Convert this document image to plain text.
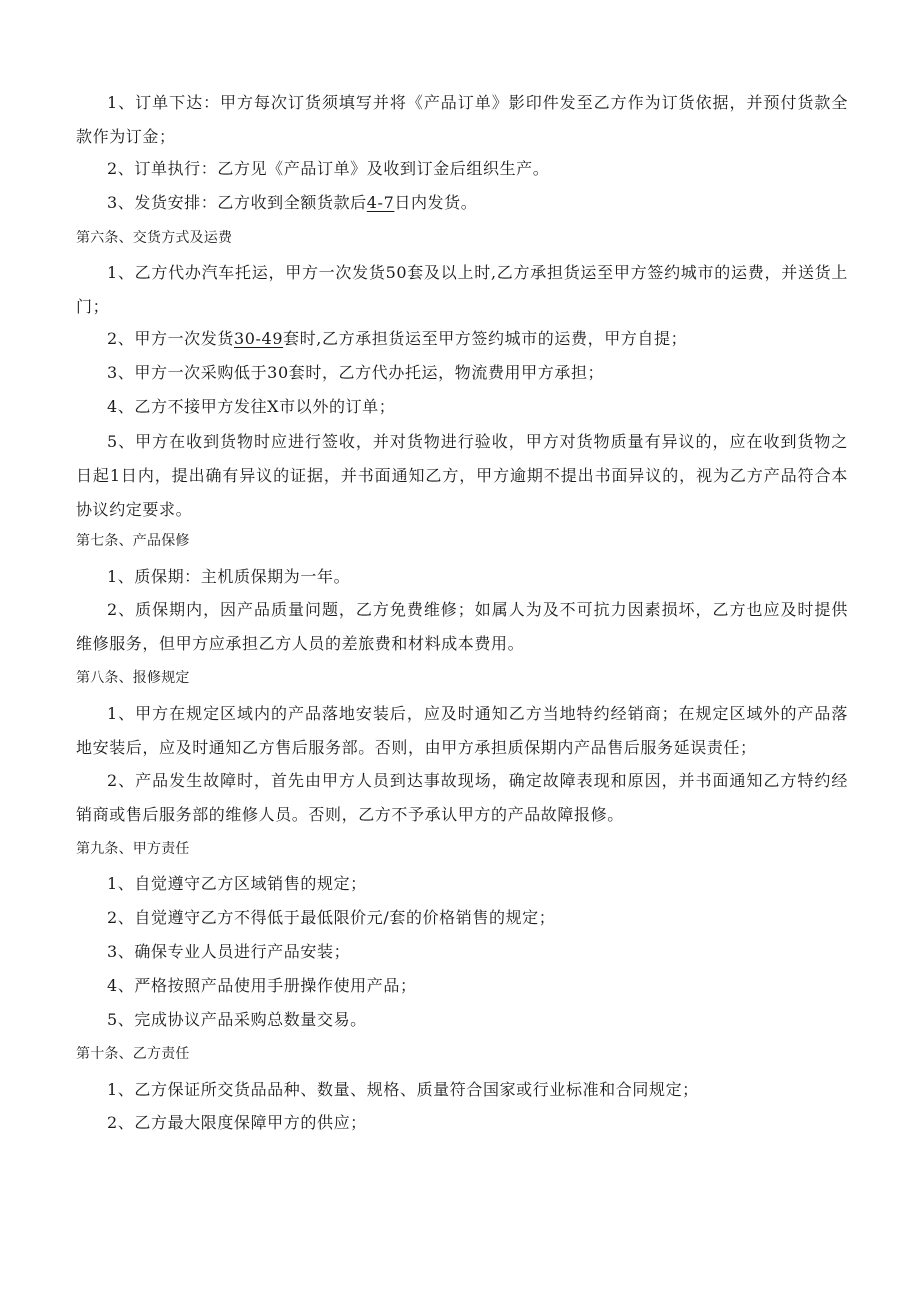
1、订单下达：甲方每次订货须填写并将《产品订单》影印件发至乙方作为订货依据，并预付货款全款作为订金；

2、订单执行：乙方见《产品订单》及收到订金后组织生产。

3、发货安排：乙方收到全额货款后4-7日内发货。

第六条、交货方式及运费

1、乙方代办汽车托运，甲方一次发货50套及以上时,乙方承担货运至甲方签约城市的运费，并送货上门；

2、甲方一次发货30-49套时,乙方承担货运至甲方签约城市的运费，甲方自提；

3、甲方一次采购低于30套时，乙方代办托运，物流费用甲方承担；

4、乙方不接甲方发往X市以外的订单；

5、甲方在收到货物时应进行签收，并对货物进行验收，甲方对货物质量有异议的，应在收到货物之日起1日内，提出确有异议的证据，并书面通知乙方，甲方逾期不提出书面异议的，视为乙方产品符合本协议约定要求。

第七条、产品保修

1、质保期：主机质保期为一年。

2、质保期内，因产品质量问题，乙方免费维修；如属人为及不可抗力因素损坏，乙方也应及时提供维修服务，但甲方应承担乙方人员的差旅费和材料成本费用。

第八条、报修规定

1、甲方在规定区域内的产品落地安装后，应及时通知乙方当地特约经销商；在规定区域外的产品落地安装后，应及时通知乙方售后服务部。否则，由甲方承担质保期内产品售后服务延误责任；

2、产品发生故障时，首先由甲方人员到达事故现场，确定故障表现和原因，并书面通知乙方特约经销商或售后服务部的维修人员。否则，乙方不予承认甲方的产品故障报修。

第九条、甲方责任

1、自觉遵守乙方区域销售的规定；

2、自觉遵守乙方不得低于最低限价元/套的价格销售的规定；

3、确保专业人员进行产品安装；

4、严格按照产品使用手册操作使用产品；

5、完成协议产品采购总数量交易。

第十条、乙方责任

1、乙方保证所交货品品种、数量、规格、质量符合国家或行业标准和合同规定；

2、乙方最大限度保障甲方的供应；
